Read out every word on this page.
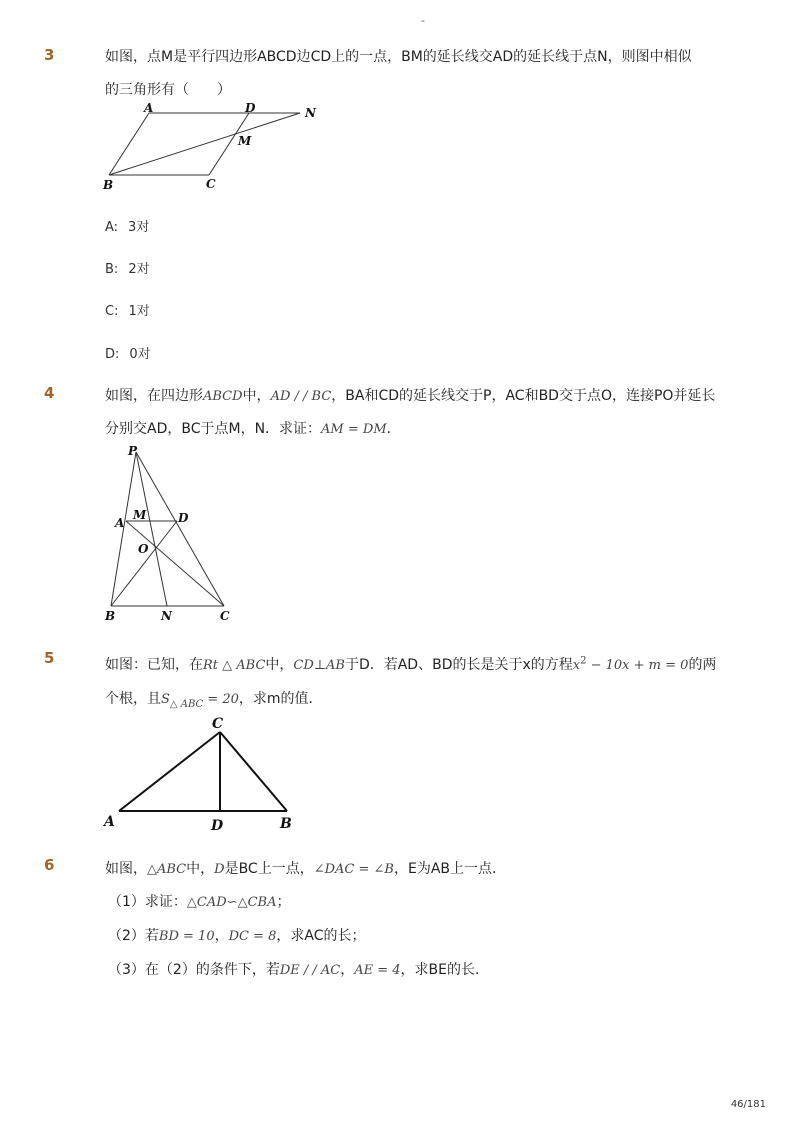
-
3	如图，点M是平行四边形ABCD边CD上的一点，BM的延长线交AD的延长线于点N，则图中相似
的三角形有（　　）
A	D	N
M
B	C
A: 3对
B: 2对
C: 1对
D: 0对
4	如图，在四边形ABCD中，AD / / BC，BA和CD的延长线交于P，AC和BD交于点O，连接PO并延长
分别交AD，BC于点M，N．求证：AM = DM．
P
A
M	D
O
B	N	C
5	如图：已知，在Rt △ ABC中，CD⊥AB于D．若AD、BD的长是关于x的方程$x^2 - 10x + m = 0$的两
个根，且$S_{\triangle ABC} = 20$，求m的值．
C
A	D	B
6	如图，△ABC中，D是BC上一点，∠DAC = ∠B，E为AB上一点．
（1）求证：△CAD∽△CBA；
（2）若BD = 10，DC = 8，求AC的长；
（3）在（2）的条件下，若DE / / AC，AE = 4，求BE的长．
46/181
